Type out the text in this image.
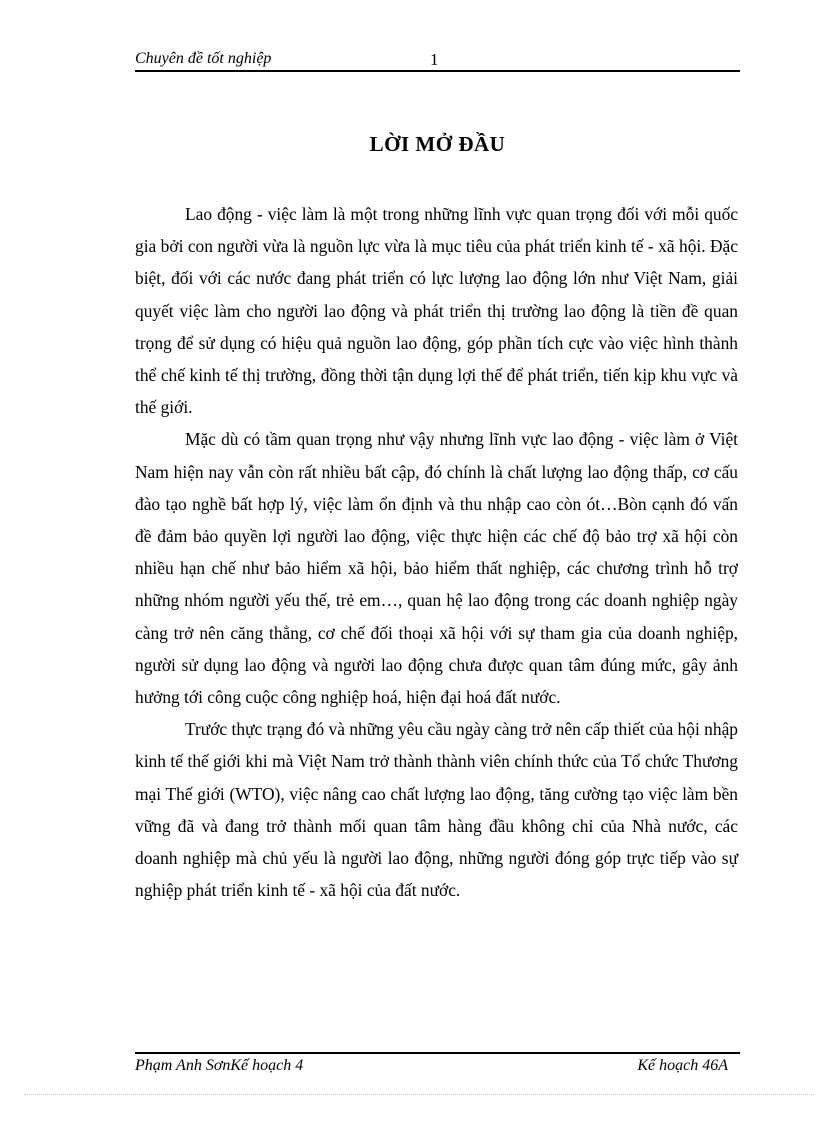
Chuyên đề tốt nghiệp	1
LỜI MỞ ĐẦU

Lao động - việc làm là một trong những lĩnh vực quan trọng đối với mỗi quốc gia bởi con người vừa là nguồn lực vừa là mục tiêu của phát triển kinh tế - xã hội. Đặc biệt, đối với các nước đang phát triển có lực lượng lao động lớn như Việt Nam, giải quyết việc làm cho người lao động và phát triển thị trường lao động là tiền đề quan trọng để sử dụng có hiệu quả nguồn lao động, góp phần tích cực vào việc hình thành thể chế kinh tế thị trường, đồng thời tận dụng lợi thế để phát triển, tiến kịp khu vực và thế giới.

Mặc dù có tầm quan trọng như vậy nhưng lĩnh vực lao động - việc làm ở Việt Nam hiện nay vẫn còn rất nhiều bất cập, đó chính là chất lượng lao động thấp, cơ cấu đào tạo nghề bất hợp lý, việc làm ổn định và thu nhập cao còn ót…Bòn cạnh đó vấn đề đảm bảo quyền lợi người lao động, việc thực hiện các chế độ bảo trợ xã hội còn nhiều hạn chế như bảo hiểm xã hội, bảo hiểm thất nghiệp, các chương trình hỗ trợ những nhóm người yếu thế, trẻ em…, quan hệ lao động trong các doanh nghiệp ngày càng trở nên căng thẳng, cơ chế đối thoại xã hội với sự tham gia của doanh nghiệp, người sử dụng lao động và người lao động chưa được quan tâm đúng mức, gây ảnh hưởng tới công cuộc công nghiệp hoá, hiện đại hoá đất nước.

Trước thực trạng đó và những yêu cầu ngày càng trở nên cấp thiết của hội nhập kinh tế thế giới khi mà Việt Nam trở thành thành viên chính thức của Tổ chức Thương mại Thế giới (WTO), việc nâng cao chất lượng lao động, tăng cường tạo việc làm bền vững đã và đang trở thành mối quan tâm hàng đầu không chỉ của Nhà nước, các doanh nghiệp mà chủ yếu là người lao động, những người đóng góp trực tiếp vào sự nghiệp phát triển kinh tế - xã hội của đất nước.

Phạm Anh SơnKế hoạch 4	Kế hoạch 46A
